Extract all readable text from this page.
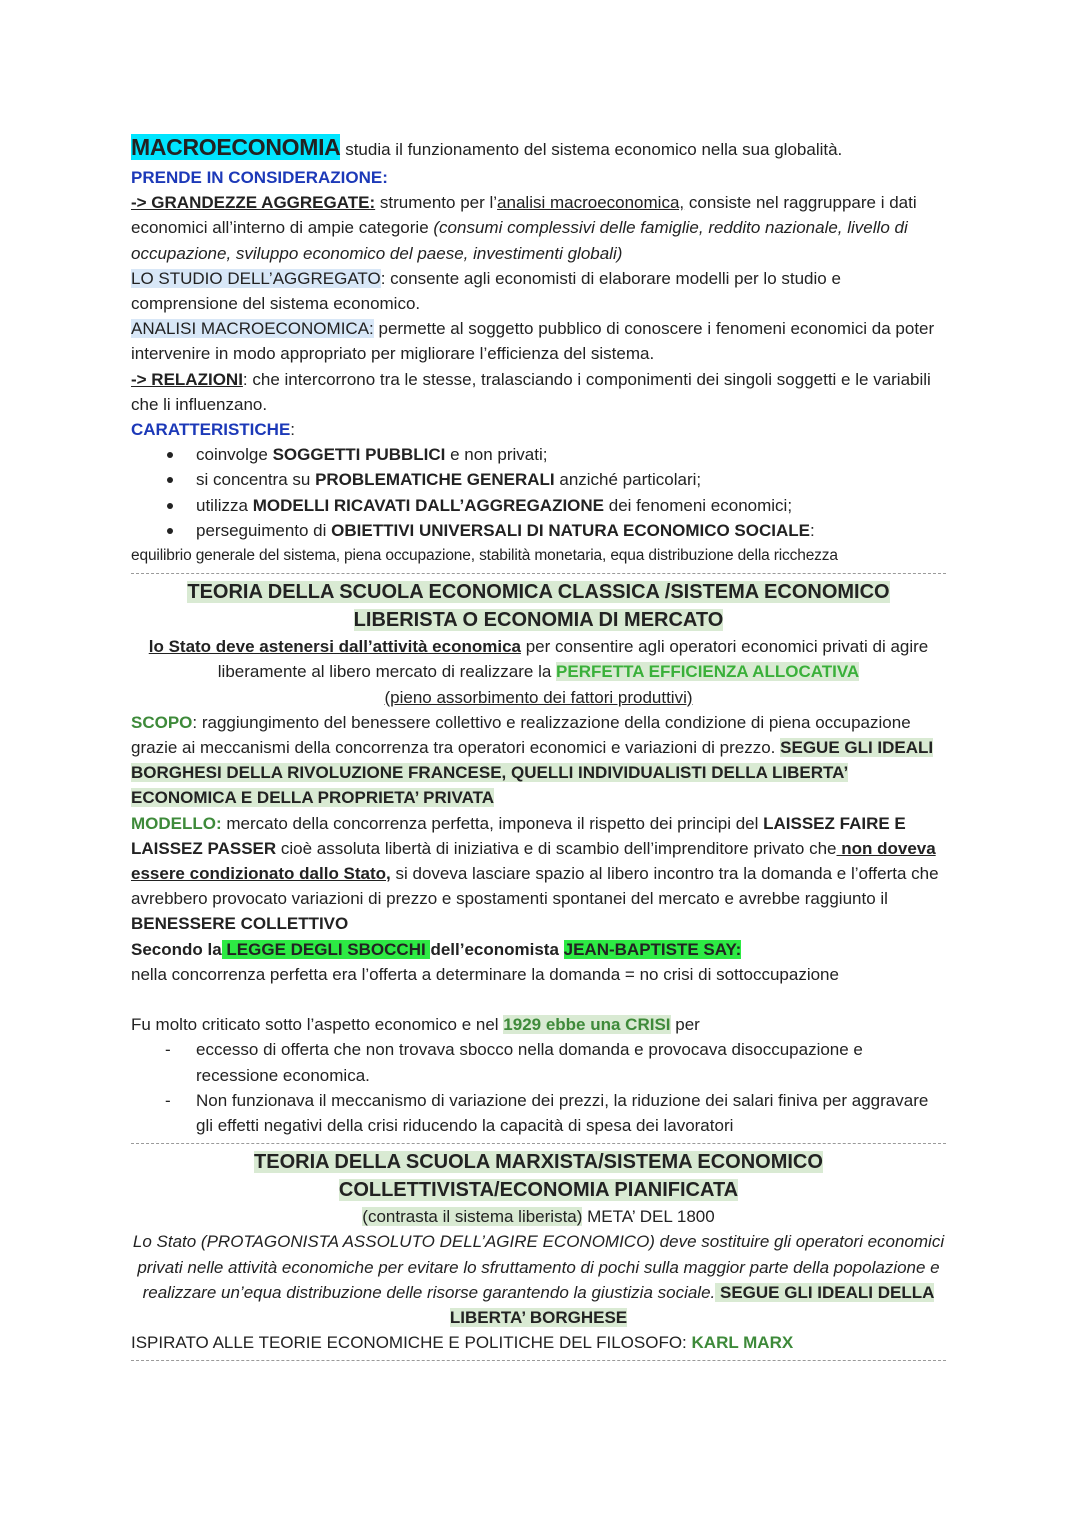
MACROECONOMIA studia il funzionamento del sistema economico nella sua globalità.
PRENDE IN CONSIDERAZIONE:
-> GRANDEZZE AGGREGATE: strumento per l’analisi macroeconomica, consiste nel raggruppare i dati economici all’interno di ampie categorie (consumi complessivi delle famiglie, reddito nazionale, livello di occupazione, sviluppo economico del paese, investimenti globali)
LO STUDIO DELL’AGGREGATO: consente agli economisti di elaborare modelli per lo studio e comprensione del sistema economico.
ANALISI MACROECONOMICA: permette al soggetto pubblico di conoscere i fenomeni economici da poter intervenire in modo appropriato per migliorare l’efficienza del sistema.
-> RELAZIONI: che intercorrono tra le stesse, tralasciando i componimenti dei singoli soggetti e le variabili che li influenzano.
CARATTERISTICHE:
coinvolge SOGGETTI PUBBLICI e non privati;
si concentra su PROBLEMATICHE GENERALI anziché particolari;
utilizza MODELLI RICAVATI DALL’AGGREGAZIONE dei fenomeni economici;
perseguimento di OBIETTIVI UNIVERSALI DI NATURA ECONOMICO SOCIALE:
equilibrio generale del sistema, piena occupazione, stabilità monetaria, equa distribuzione della ricchezza
TEORIA DELLA SCUOLA ECONOMICA CLASSICA /SISTEMA ECONOMICO
LIBERISTA O ECONOMIA DI MERCATO
lo Stato deve astenersi dall’attività economica per consentire agli operatori economici privati di agire liberamente al libero mercato di realizzare la PERFETTA EFFICIENZA ALLOCATIVA
(pieno assorbimento dei fattori produttivi)
SCOPO: raggiungimento del benessere collettivo e realizzazione della condizione di piena occupazione grazie ai meccanismi della concorrenza tra operatori economici e variazioni di prezzo. SEGUE GLI IDEALI BORGHESI DELLA RIVOLUZIONE FRANCESE, QUELLI INDIVIDUALISTI DELLA LIBERTA’ ECONOMICA E DELLA PROPRIETA’ PRIVATA
MODELLO: mercato della concorrenza perfetta, imponeva il rispetto dei principi del LAISSEZ FAIRE E LAISSEZ PASSER cioè assoluta libertà di iniziativa e di scambio dell’imprenditore privato che non doveva essere condizionato dallo Stato, si doveva lasciare spazio al libero incontro tra la domanda e l’offerta che avrebbero provocato variazioni di prezzo e spostamenti spontanei del mercato e avrebbe raggiunto il BENESSERE COLLETTIVO
Secondo la LEGGE DEGLI SBOCCHI dell’economista JEAN-BAPTISTE SAY:
nella concorrenza perfetta era l’offerta a determinare la domanda = no crisi di sottoccupazione
Fu molto criticato sotto l’aspetto economico e nel 1929 ebbe una CRISI per
- eccesso di offerta che non trovava sbocco nella domanda e provocava disoccupazione e recessione economica.
- Non funzionava il meccanismo di variazione dei prezzi, la riduzione dei salari finiva per aggravare gli effetti negativi della crisi riducendo la capacità di spesa dei lavoratori
TEORIA DELLA SCUOLA MARXISTA/SISTEMA ECONOMICO
COLLETTIVISTA/ECONOMIA PIANIFICATA
(contrasta il sistema liberista) META’ DEL 1800
Lo Stato (PROTAGONISTA ASSOLUTO DELL’AGIRE ECONOMICO) deve sostituire gli operatori economici privati nelle attività economiche per evitare lo sfruttamento di pochi sulla maggior parte della popolazione e realizzare un’equa distribuzione delle risorse garantendo la giustizia sociale. SEGUE GLI IDEALI DELLA LIBERTA’ BORGHESE
ISPIRATO ALLE TEORIE ECONOMICHE E POLITICHE DEL FILOSOFO: KARL MARX
